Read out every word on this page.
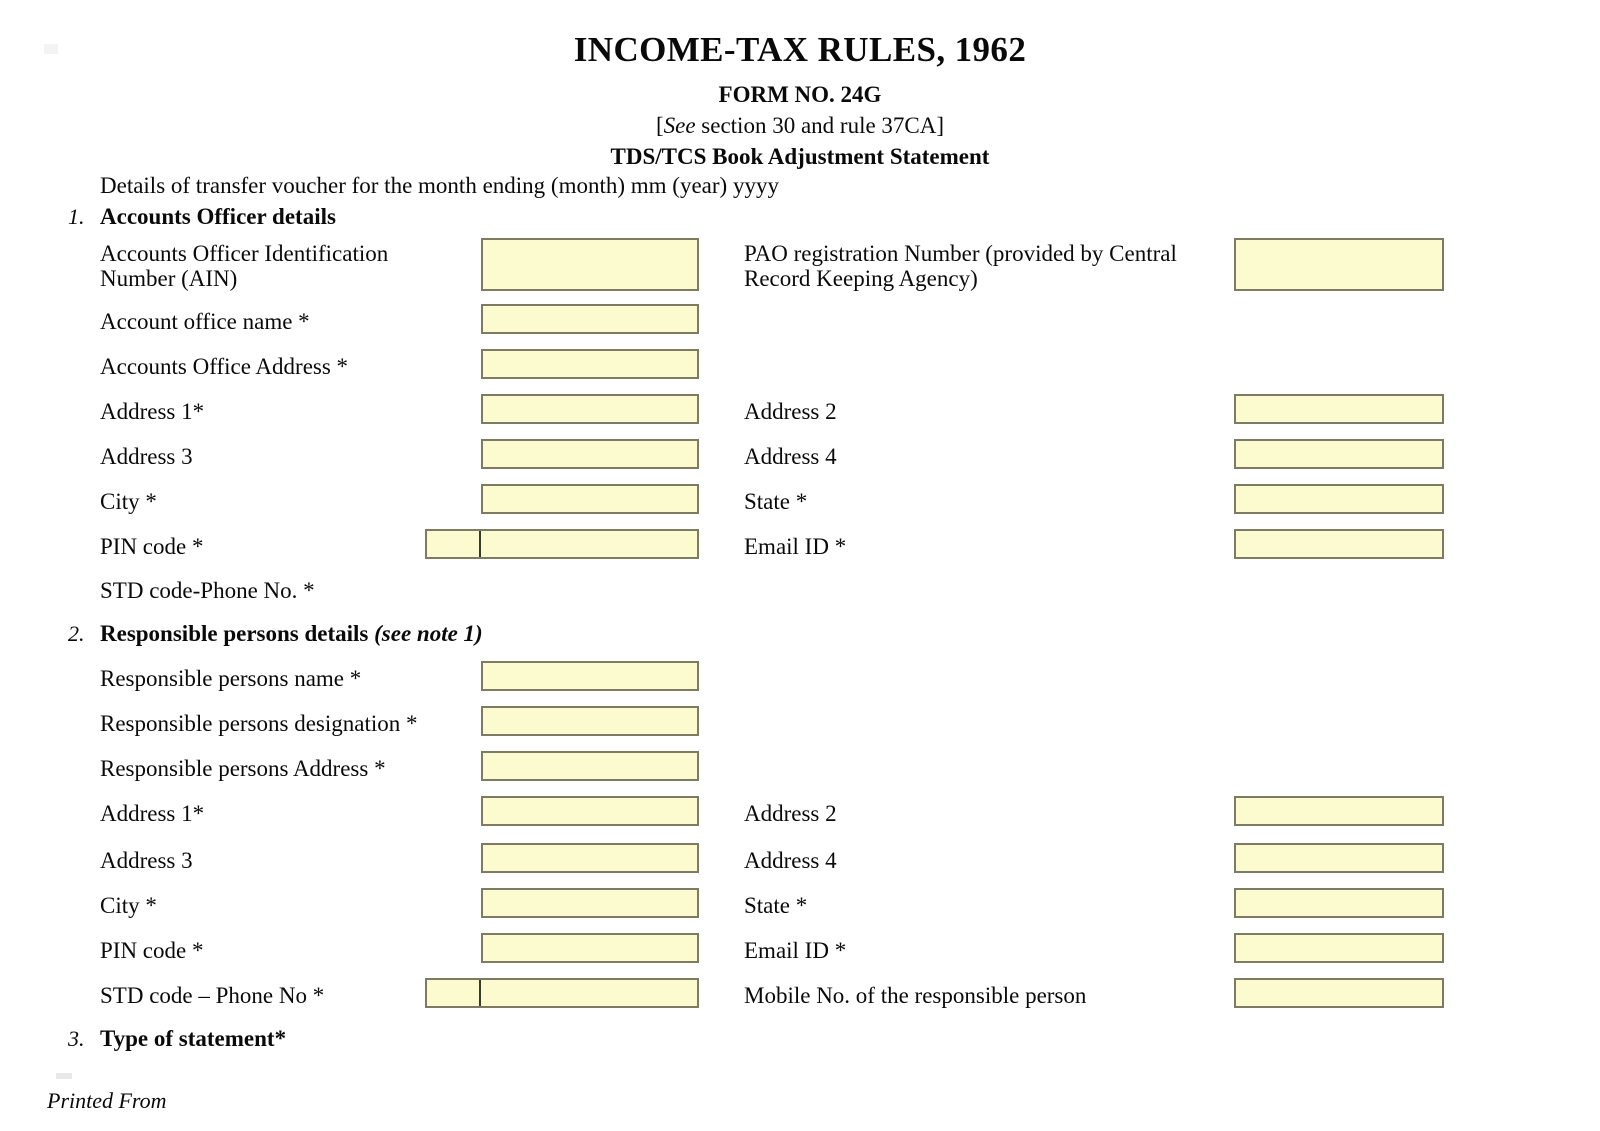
INCOME-TAX RULES, 1962
FORM NO. 24G
[See section 30 and rule 37CA]
TDS/TCS Book Adjustment Statement
Details of transfer voucher for the month ending (month) mm (year) yyyy
1. Accounts Officer details
Accounts Officer Identification
Number (AIN)
PAO registration Number (provided by Central
Record Keeping Agency)
Account office name *
Accounts Office Address *
Address 1*	Address 2
Address 3	Address 4
City *	State *
PIN code *	Email ID *
STD code-Phone No. *
2. Responsible persons details (see note 1)
Responsible persons name *
Responsible persons designation *
Responsible persons Address *
Address 1*	Address 2
Address 3	Address 4
City *	State *
PIN code *	Email ID *
STD code – Phone No *	Mobile No. of the responsible person
3. Type of statement*
Printed From
